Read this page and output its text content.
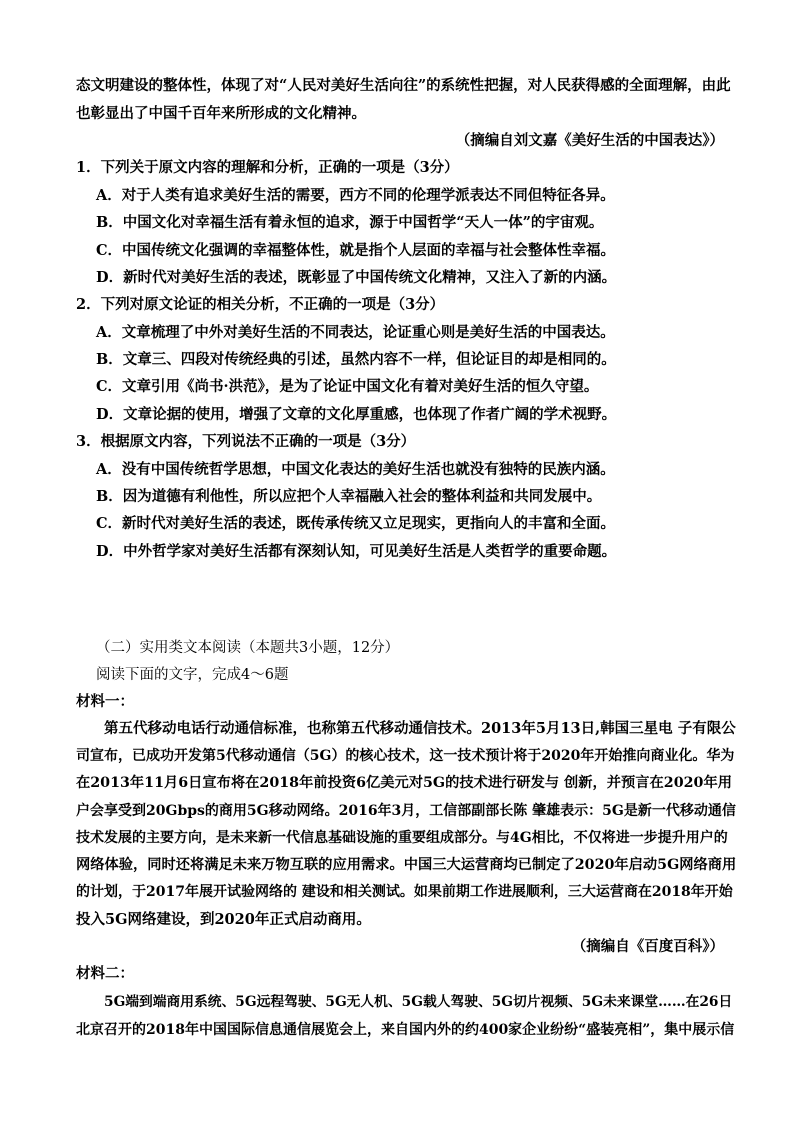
态文明建设的整体性，体现了对“人民对美好生活向往”的系统性把握，对人民获得感的全面理解，由此
也彰显出了中国千百年来所形成的文化精神。
（摘编自刘文嘉《美好生活的中国表达》）
1．下列关于原文内容的理解和分析，正确的一项是（3分）
A．对于人类有追求美好生活的需要，西方不同的伦理学派表达不同但特征各异。
B．中国文化对幸福生活有着永恒的追求，源于中国哲学“天人一体”的宇宙观。
C．中国传统文化强调的幸福整体性，就是指个人层面的幸福与社会整体性幸福。
D．新时代对美好生活的表述，既彰显了中国传统文化精神，又注入了新的内涵。
2．下列对原文论证的相关分析，不正确的一项是（3分）
A．文章梳理了中外对美好生活的不同表达，论证重心则是美好生活的中国表达。
B．文章三、四段对传统经典的引述，虽然内容不一样，但论证目的却是相同的。
C．文章引用《尚书·洪范》，是为了论证中国文化有着对美好生活的恒久守望。
D．文章论据的使用，增强了文章的文化厚重感，也体现了作者广阔的学术视野。
3．根据原文内容，下列说法不正确的一项是（3分）
A．没有中国传统哲学思想，中国文化表达的美好生活也就没有独特的民族内涵。
B．因为道德有利他性，所以应把个人幸福融入社会的整体利益和共同发展中。
C．新时代对美好生活的表述，既传承传统又立足现实，更指向人的丰富和全面。
D．中外哲学家对美好生活都有深刻认知，可见美好生活是人类哲学的重要命题。
（二）实用类文本阅读（本题共3小题，12分）
阅读下面的文字，完成4～6题
材料一：
第五代移动电话行动通信标准，也称第五代移动通信技术。2013年5月13日,韩国三星电 子有限公
司宣布，已成功开发第5代移动通信（5G）的核心技术，这一技术预计将于2020年开始推向商业化。华为
在2013年11月6日宣布将在2018年前投资6亿美元对5G的技术进行研发与 创新，并预言在2020年用
户会享受到20Gbps的商用5G移动网络。2016年3月，工信部副部长陈 肇雄表示：5G是新一代移动通信
技术发展的主要方向，是未来新一代信息基础设施的重要组成部分。与4G相比，不仅将进一步提升用户的
网络体验，同时还将满足未来万物互联的应用需求。中国三大运营商均已制定了2020年启动5G网络商用
的计划，于2017年展开试验网络的 建设和相关测试。如果前期工作进展顺利，三大运营商在2018年开始
投入5G网络建设，到2020年正式启动商用。
（摘编自《百度百科》）
材料二：
5G端到端商用系统、5G远程驾驶、5G无人机、5G载人驾驶、5G切片视频、5G未来课堂……在26日
北京召开的2018年中国国际信息通信展览会上，来自国内外的约400家企业纷纷“盛装亮相”，集中展示信
